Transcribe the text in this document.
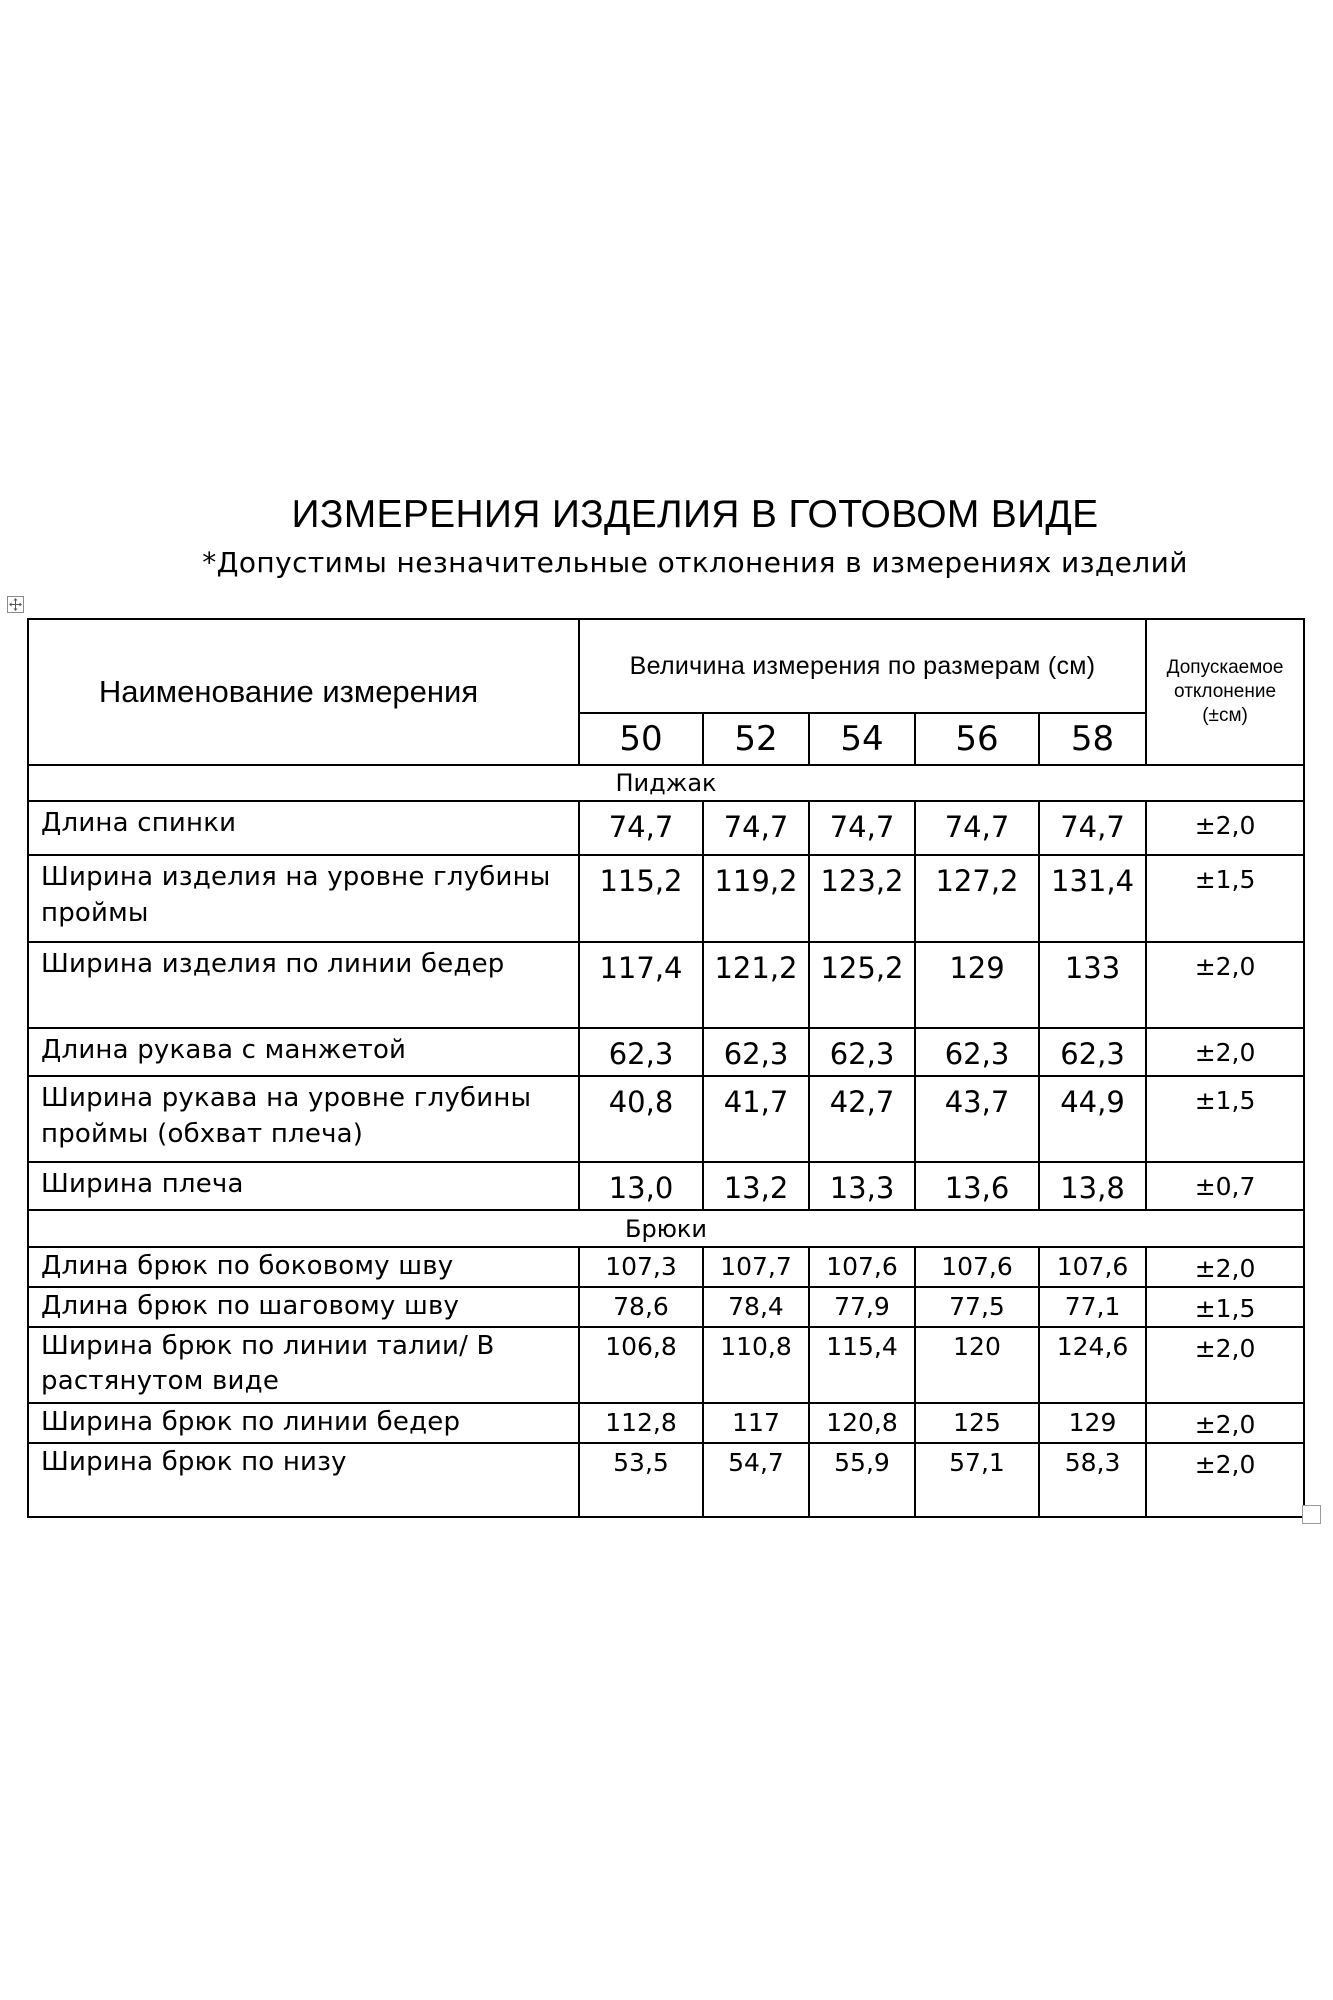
ИЗМЕРЕНИЯ ИЗДЕЛИЯ В ГОТОВОМ ВИДЕ
*Допустимы незначительные отклонения в измерениях изделий
Наименование измерения	Величина измерения по размерам (см)					Допускаемое отклонение (±см)
	50	52	54	56	58	
Пиджак						
Длина спинки	74,7	74,7	74,7	74,7	74,7	±2,0
Ширина изделия на уровне глубины проймы	115,2	119,2	123,2	127,2	131,4	±1,5
Ширина изделия по линии бедер	117,4	121,2	125,2	129	133	±2,0
Длина рукава с манжетой	62,3	62,3	62,3	62,3	62,3	±2,0
Ширина рукава на уровне глубины проймы (обхват плеча)	40,8	41,7	42,7	43,7	44,9	±1,5
Ширина плеча	13,0	13,2	13,3	13,6	13,8	±0,7
Брюки						
Длина брюк по боковому шву	107,3	107,7	107,6	107,6	107,6	±2,0
Длина брюк по шаговому шву	78,6	78,4	77,9	77,5	77,1	±1,5
Ширина брюк по линии талии/ В растянутом виде	106,8	110,8	115,4	120	124,6	±2,0
Ширина брюк по линии бедер	112,8	117	120,8	125	129	±2,0
Ширина брюк по низу	53,5	54,7	55,9	57,1	58,3	±2,0
